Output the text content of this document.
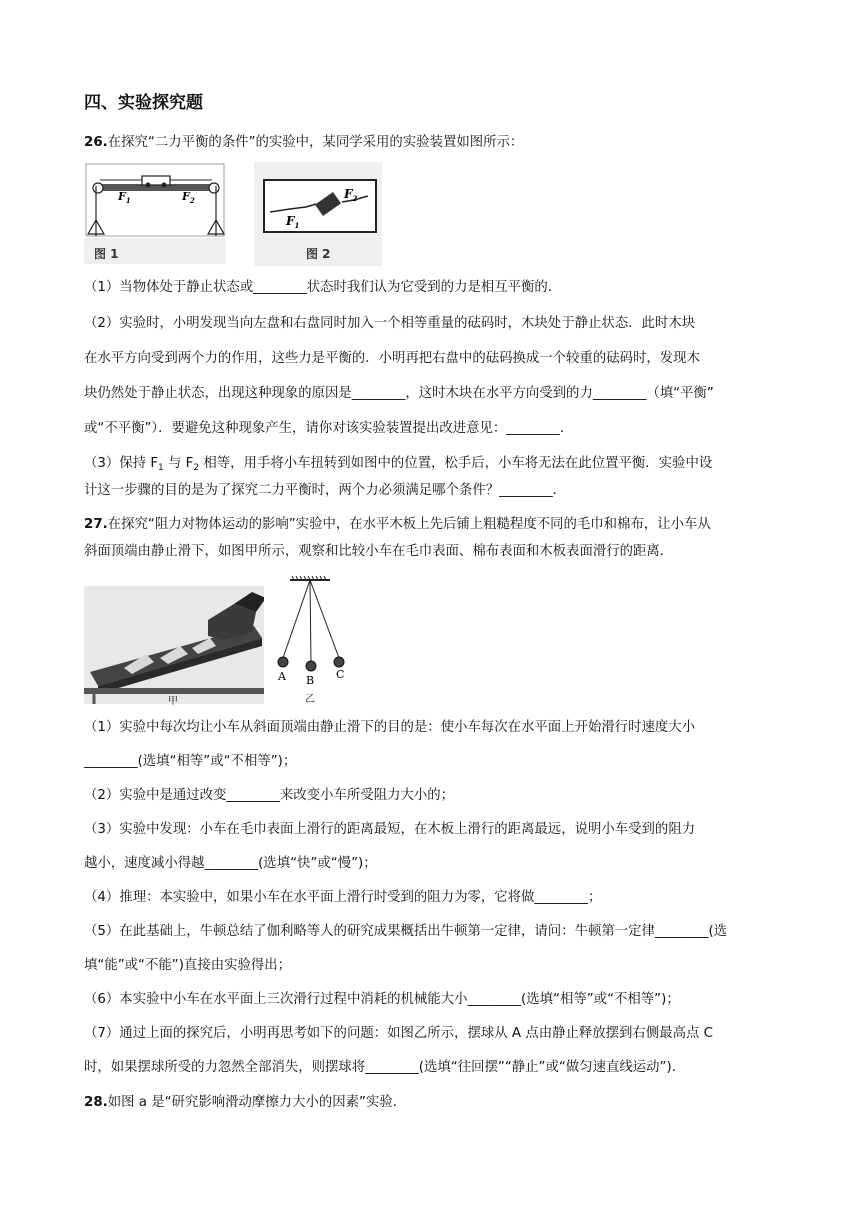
四、实验探究题
26.在探究“二力平衡的条件”的实验中，某同学采用的实验装置如图所示：
$F_1$	$F_2$
图 1
$F_1$
$F_2$
图 2
（1）当物体处于静止状态或________状态时我们认为它受到的力是相互平衡的．
（2）实验时，小明发现当向左盘和右盘同时加入一个相等重量的砝码时，木块处于静止状态．此时木块
在水平方向受到两个力的作用，这些力是平衡的．小明再把右盘中的砝码换成一个较重的砝码时，发现木
块仍然处于静止状态，出现这种现象的原因是________，这时木块在水平方向受到的力________（填“平衡”
或“不平衡”）．要避免这种现象产生，请你对该实验装置提出改进意见：________．
（3）保持 $F_1$ 与 $F_2$ 相等，用手将小车扭转到如图中的位置，松手后，小车将无法在此位置平衡．实验中设
计这一步骤的目的是为了探究二力平衡时，两个力必须满足哪个条件？________．
27.在探究“阻力对物体运动的影响”实验中，在水平木板上先后铺上粗糙程度不同的毛巾和棉布，让小车从
斜面顶端由静止滑下，如图甲所示，观察和比较小车在毛巾表面、棉布表面和木板表面滑行的距离．
甲
A B C
乙
（1）实验中每次均让小车从斜面顶端由静止滑下的目的是：使小车每次在水平面上开始滑行时速度大小
________(选填“相等”或“不相等”)；
（2）实验中是通过改变________来改变小车所受阻力大小的；
（3）实验中发现：小车在毛巾表面上滑行的距离最短，在木板上滑行的距离最远，说明小车受到的阻力
越小，速度减小得越________(选填“快”或“慢”)；
（4）推理：本实验中，如果小车在水平面上滑行时受到的阻力为零，它将做________；
（5）在此基础上，牛顿总结了伽利略等人的研究成果概括出牛顿第一定律，请问：牛顿第一定律________(选
填“能”或“不能”)直接由实验得出；
（6）本实验中小车在水平面上三次滑行过程中消耗的机械能大小________(选填“相等”或“不相等”)；
（7）通过上面的探究后，小明再思考如下的问题：如图乙所示，摆球从 A 点由静止释放摆到右侧最高点 C
时，如果摆球所受的力忽然全部消失，则摆球将________(选填“往回摆”“静止”或“做匀速直线运动”)．
28.如图 a 是“研究影响滑动摩擦力大小的因素”实验．
